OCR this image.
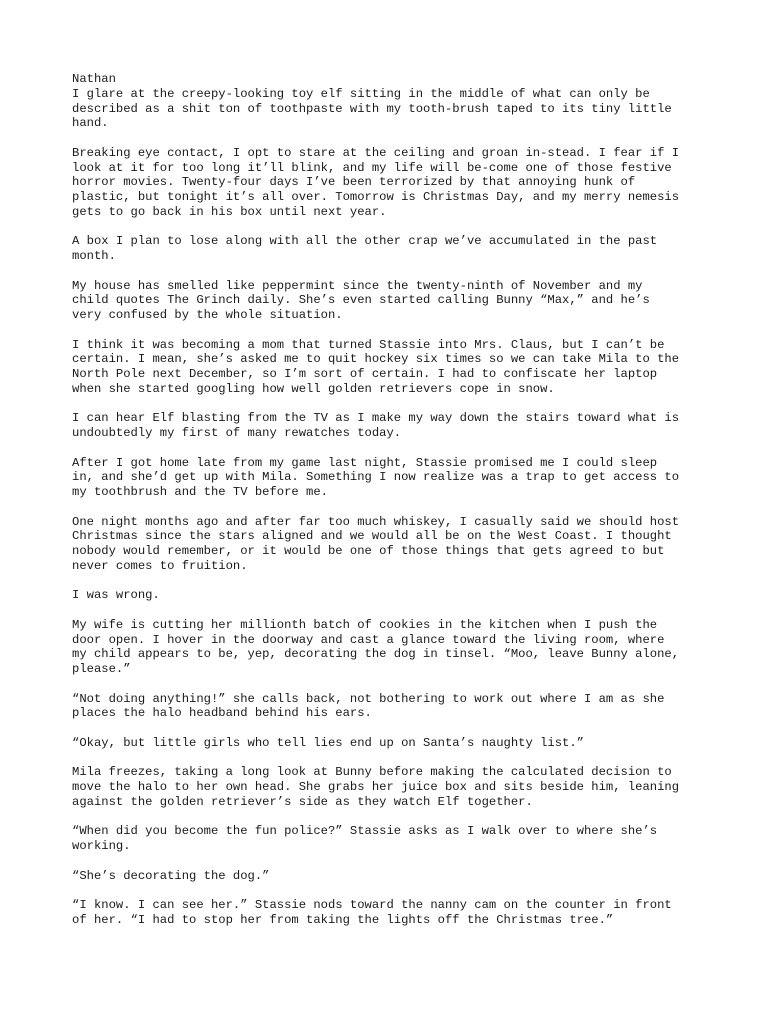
Nathan

I glare at the creepy-looking toy elf sitting in the middle of what can only be
described as a shit ton of toothpaste with my tooth-brush taped to its tiny little
hand.

Breaking eye contact, I opt to stare at the ceiling and groan in-stead. I fear if I
look at it for too long it’ll blink, and my life will be-come one of those festive
horror movies. Twenty-four days I’ve been terrorized by that annoying hunk of
plastic, but tonight it’s all over. Tomorrow is Christmas Day, and my merry nemesis
gets to go back in his box until next year.

A box I plan to lose along with all the other crap we’ve accumulated in the past
month.

My house has smelled like peppermint since the twenty-ninth of November and my
child quotes The Grinch daily. She’s even started calling Bunny “Max,” and he’s
very confused by the whole situation.

I think it was becoming a mom that turned Stassie into Mrs. Claus, but I can’t be
certain. I mean, she’s asked me to quit hockey six times so we can take Mila to the
North Pole next December, so I’m sort of certain. I had to confiscate her laptop
when she started googling how well golden retrievers cope in snow.

I can hear Elf blasting from the TV as I make my way down the stairs toward what is
undoubtedly my first of many rewatches today.

After I got home late from my game last night, Stassie promised me I could sleep
in, and she’d get up with Mila. Something I now realize was a trap to get access to
my toothbrush and the TV before me.

One night months ago and after far too much whiskey, I casually said we should host
Christmas since the stars aligned and we would all be on the West Coast. I thought
nobody would remember, or it would be one of those things that gets agreed to but
never comes to fruition.

I was wrong.

My wife is cutting her millionth batch of cookies in the kitchen when I push the
door open. I hover in the doorway and cast a glance toward the living room, where
my child appears to be, yep, decorating the dog in tinsel. “Moo, leave Bunny alone,
please.”

“Not doing anything!” she calls back, not bothering to work out where I am as she
places the halo headband behind his ears.

“Okay, but little girls who tell lies end up on Santa’s naughty list.”

Mila freezes, taking a long look at Bunny before making the calculated decision to
move the halo to her own head. She grabs her juice box and sits beside him, leaning
against the golden retriever’s side as they watch Elf together.

“When did you become the fun police?” Stassie asks as I walk over to where she’s
working.

“She’s decorating the dog.”

“I know. I can see her.” Stassie nods toward the nanny cam on the counter in front
of her. “I had to stop her from taking the lights off the Christmas tree.”
